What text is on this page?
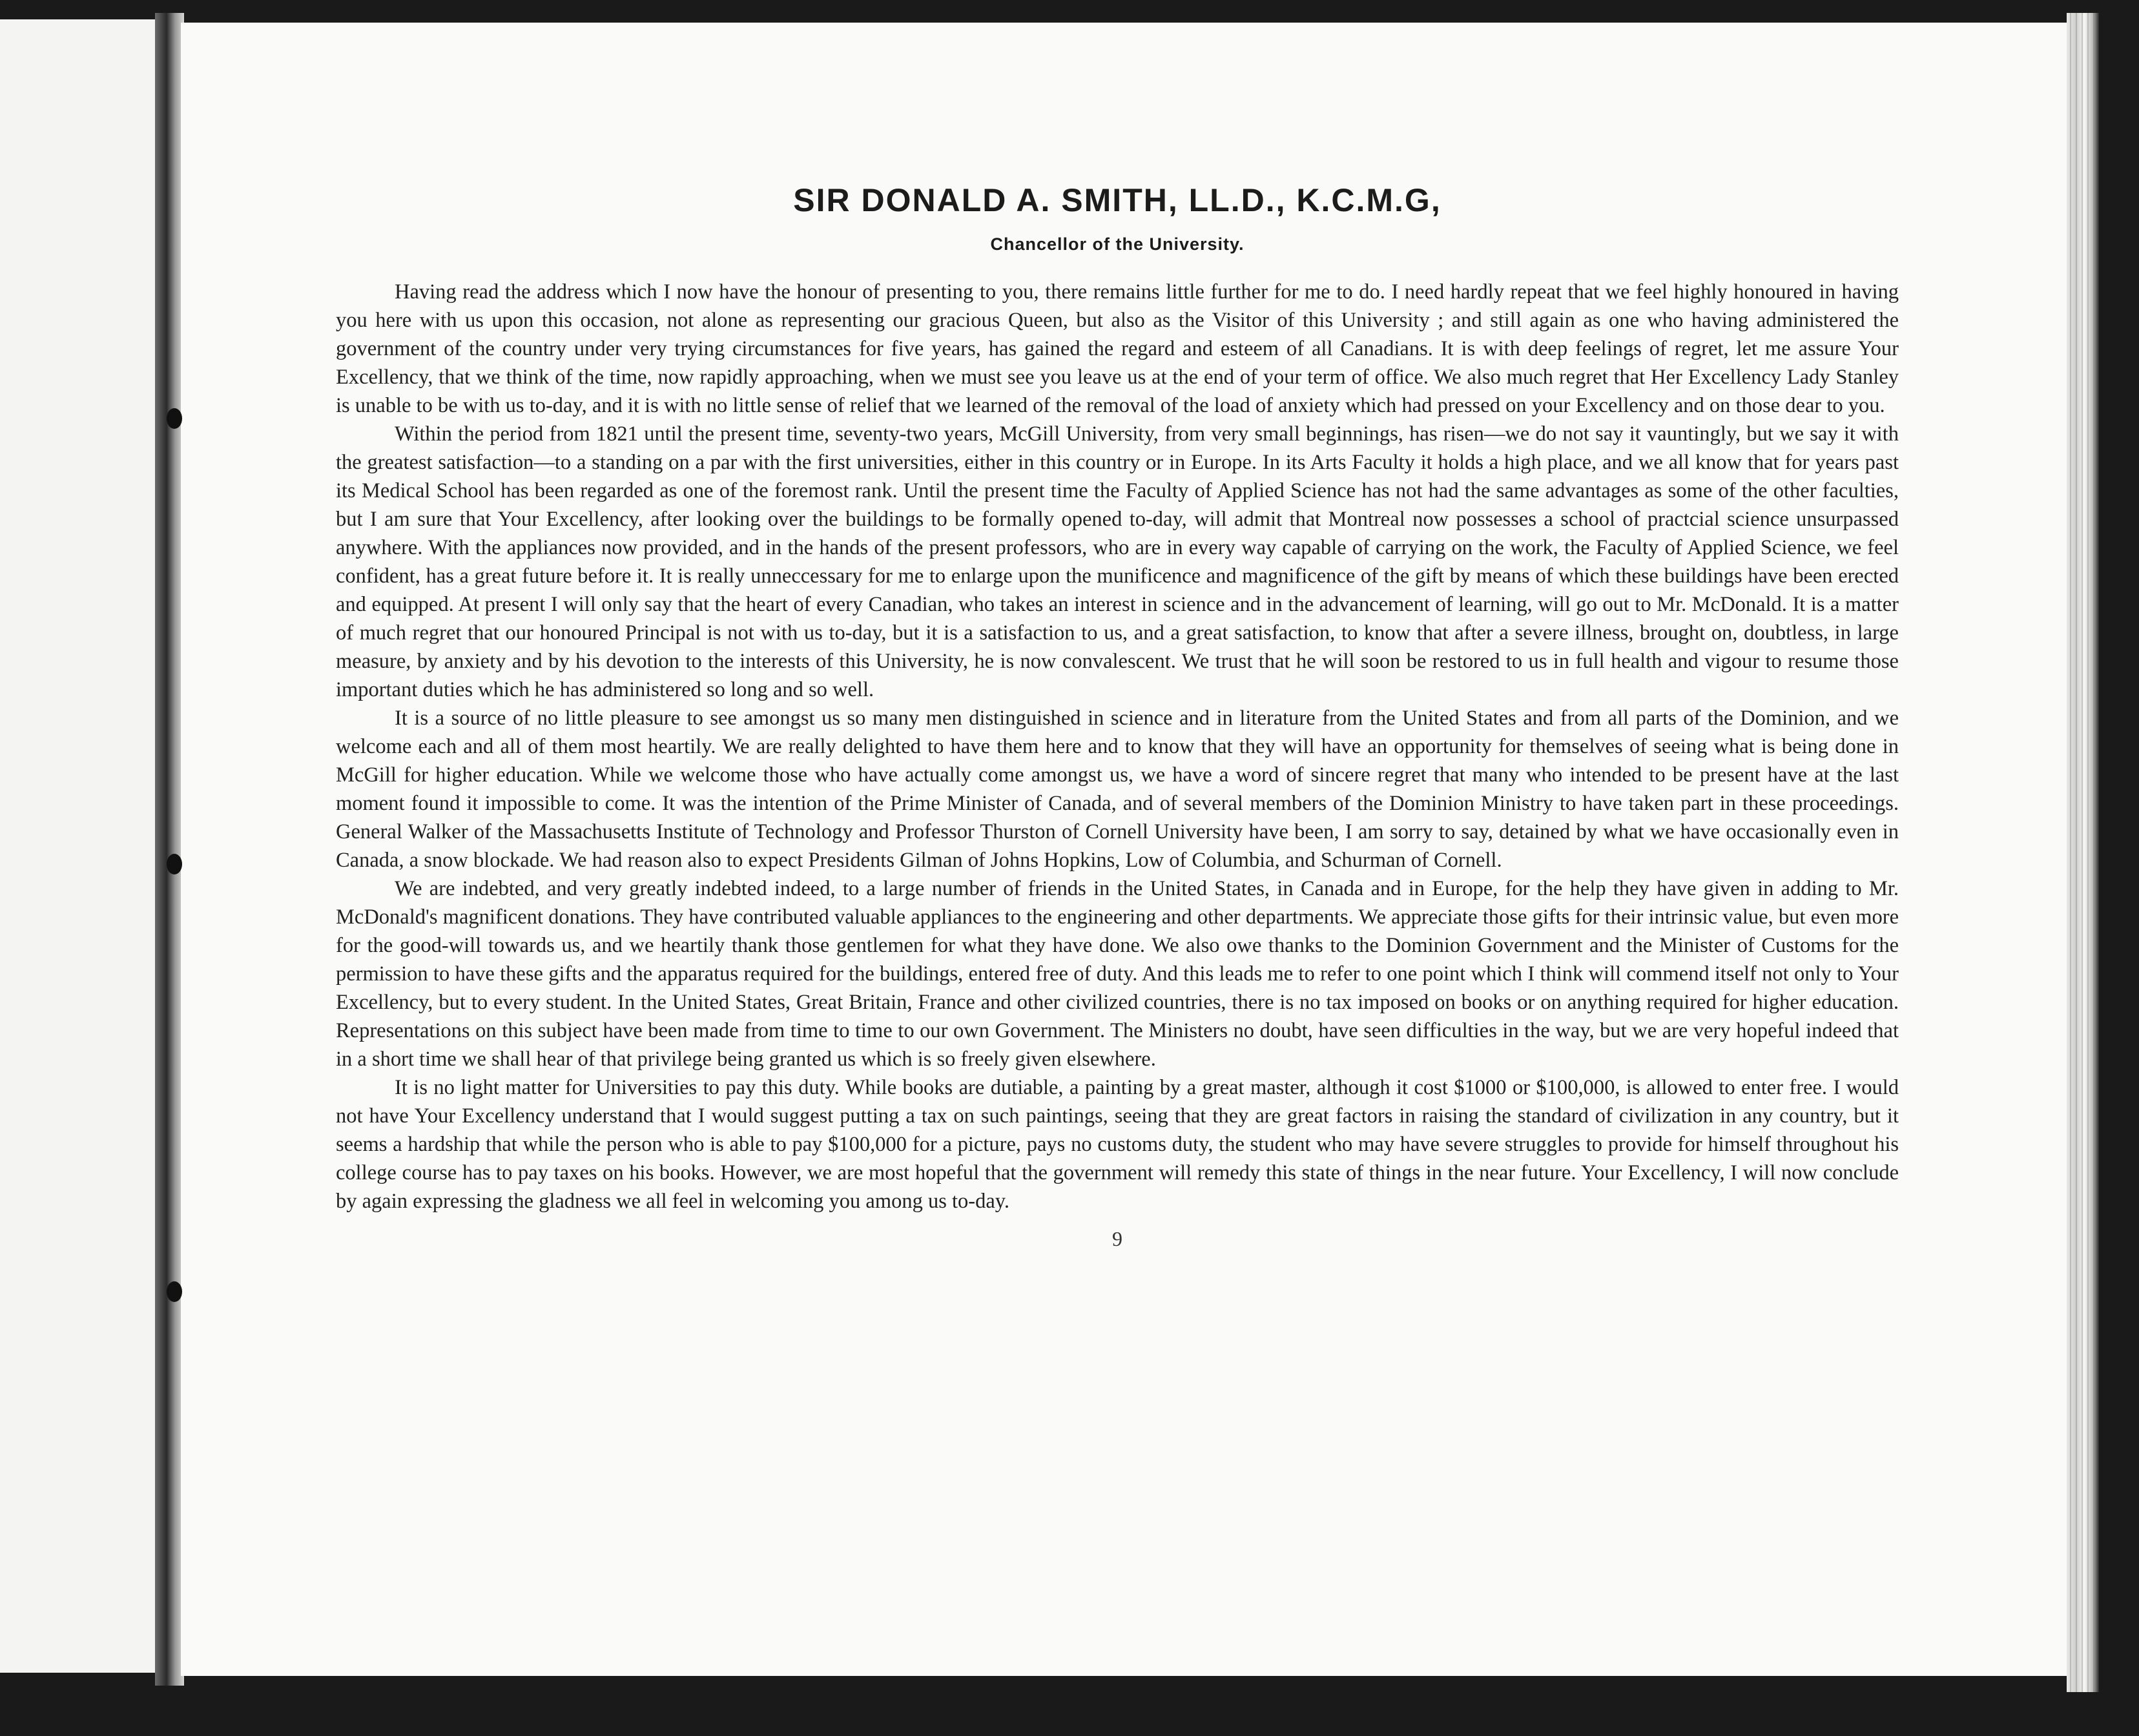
SIR DONALD A. SMITH, LL.D., K.C.M.G,
Chancellor of the University.

Having read the address which I now have the honour of presenting to you, there remains little further for me to do. I need hardly repeat that we feel highly honoured in having you here with us upon this occasion, not alone as representing our gracious Queen, but also as the Visitor of this University ; and still again as one who having administered the government of the country under very trying circumstances for five years, has gained the regard and esteem of all Canadians. It is with deep feelings of regret, let me assure Your Excellency, that we think of the time, now rapidly approaching, when we must see you leave us at the end of your term of office. We also much regret that Her Excellency Lady Stanley is unable to be with us to-day, and it is with no little sense of relief that we learned of the removal of the load of anxiety which had pressed on your Excellency and on those dear to you.

Within the period from 1821 until the present time, seventy-two years, McGill University, from very small beginnings, has risen—we do not say it vauntingly, but we say it with the greatest satisfaction—to a standing on a par with the first universities, either in this country or in Europe. In its Arts Faculty it holds a high place, and we all know that for years past its Medical School has been regarded as one of the foremost rank. Until the present time the Faculty of Applied Science has not had the same advantages as some of the other faculties, but I am sure that Your Excellency, after looking over the buildings to be formally opened to-day, will admit that Montreal now possesses a school of practcial science unsurpassed anywhere. With the appliances now provided, and in the hands of the present professors, who are in every way capable of carrying on the work, the Faculty of Applied Science, we feel confident, has a great future before it. It is really unneccessary for me to enlarge upon the munificence and magnificence of the gift by means of which these buildings have been erected and equipped. At present I will only say that the heart of every Canadian, who takes an interest in science and in the advancement of learning, will go out to Mr. McDonald. It is a matter of much regret that our honoured Principal is not with us to-day, but it is a satisfaction to us, and a great satisfaction, to know that after a severe illness, brought on, doubtless, in large measure, by anxiety and by his devotion to the interests of this University, he is now convalescent. We trust that he will soon be restored to us in full health and vigour to resume those important duties which he has administered so long and so well.

It is a source of no little pleasure to see amongst us so many men distinguished in science and in literature from the United States and from all parts of the Dominion, and we welcome each and all of them most heartily. We are really delighted to have them here and to know that they will have an opportunity for themselves of seeing what is being done in McGill for higher education. While we welcome those who have actually come amongst us, we have a word of sincere regret that many who intended to be present have at the last moment found it impossible to come. It was the intention of the Prime Minister of Canada, and of several members of the Dominion Ministry to have taken part in these proceedings. General Walker of the Massachusetts Institute of Technology and Professor Thurston of Cornell University have been, I am sorry to say, detained by what we have occasionally even in Canada, a snow blockade. We had reason also to expect Presidents Gilman of Johns Hopkins, Low of Columbia, and Schurman of Cornell.

We are indebted, and very greatly indebted indeed, to a large number of friends in the United States, in Canada and in Europe, for the help they have given in adding to Mr. McDonald's magnificent donations. They have contributed valuable appliances to the engineering and other departments. We appreciate those gifts for their intrinsic value, but even more for the good-will towards us, and we heartily thank those gentlemen for what they have done. We also owe thanks to the Dominion Government and the Minister of Customs for the permission to have these gifts and the apparatus required for the buildings, entered free of duty. And this leads me to refer to one point which I think will commend itself not only to Your Excellency, but to every student. In the United States, Great Britain, France and other civilized countries, there is no tax imposed on books or on anything required for higher education. Representations on this subject have been made from time to time to our own Government. The Ministers no doubt, have seen difficulties in the way, but we are very hopeful indeed that in a short time we shall hear of that privilege being granted us which is so freely given elsewhere.

It is no light matter for Universities to pay this duty. While books are dutiable, a painting by a great master, although it cost $1000 or $100,000, is allowed to enter free. I would not have Your Excellency understand that I would suggest putting a tax on such paintings, seeing that they are great factors in raising the standard of civilization in any country, but it seems a hardship that while the person who is able to pay $100,000 for a picture, pays no customs duty, the student who may have severe struggles to provide for himself throughout his college course has to pay taxes on his books. However, we are most hopeful that the government will remedy this state of things in the near future. Your Excellency, I will now conclude by again expressing the gladness we all feel in welcoming you among us to-day.

9
